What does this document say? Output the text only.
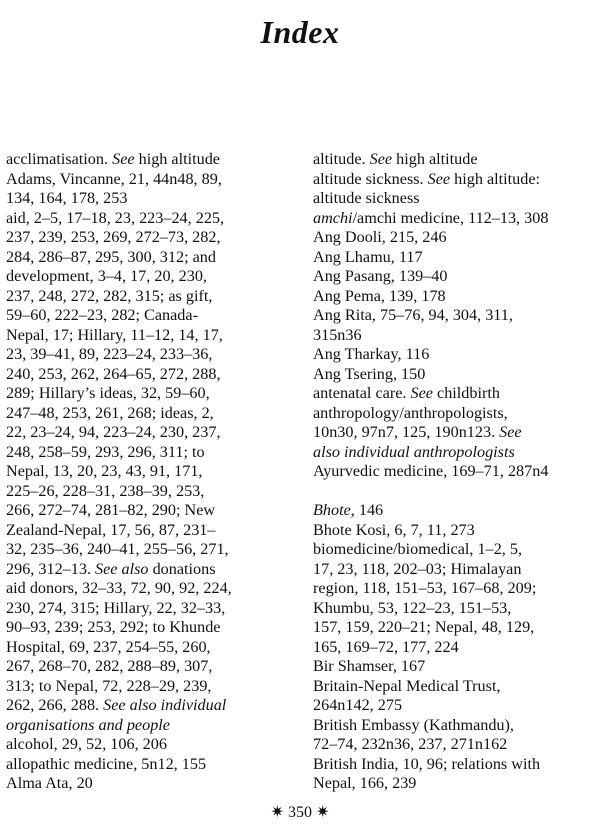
Index
acclimatisation. See high altitude
Adams, Vincanne, 21, 44n48, 89,
134, 164, 178, 253
aid, 2–5, 17–18, 23, 223–24, 225,
237, 239, 253, 269, 272–73, 282,
284, 286–87, 295, 300, 312; and
development, 3–4, 17, 20, 230,
237, 248, 272, 282, 315; as gift,
59–60, 222–23, 282; Canada-
Nepal, 17; Hillary, 11–12, 14, 17,
23, 39–41, 89, 223–24, 233–36,
240, 253, 262, 264–65, 272, 288,
289; Hillary’s ideas, 32, 59–60,
247–48, 253, 261, 268; ideas, 2,
22, 23–24, 94, 223–24, 230, 237,
248, 258–59, 293, 296, 311; to
Nepal, 13, 20, 23, 43, 91, 171,
225–26, 228–31, 238–39, 253,
266, 272–74, 281–82, 290; New
Zealand-Nepal, 17, 56, 87, 231–
32, 235–36, 240–41, 255–56, 271,
296, 312–13. See also donations
aid donors, 32–33, 72, 90, 92, 224,
230, 274, 315; Hillary, 22, 32–33,
90–93, 239; 253, 292; to Khunde
Hospital, 69, 237, 254–55, 260,
267, 268–70, 282, 288–89, 307,
313; to Nepal, 72, 228–29, 239,
262, 266, 288. See also individual
organisations and people
alcohol, 29, 52, 106, 206
allopathic medicine, 5n12, 155
Alma Ata, 20
altitude. See high altitude
altitude sickness. See high altitude:
altitude sickness
amchi/amchi medicine, 112–13, 308
Ang Dooli, 215, 246
Ang Lhamu, 117
Ang Pasang, 139–40
Ang Pema, 139, 178
Ang Rita, 75–76, 94, 304, 311,
315n36
Ang Tharkay, 116
Ang Tsering, 150
antenatal care. See childbirth
anthropology/anthropologists,
10n30, 97n7, 125, 190n123. See
also individual anthropologists
Ayurvedic medicine, 169–71, 287n4
Bhote, 146
Bhote Kosi, 6, 7, 11, 273
biomedicine/biomedical, 1–2, 5,
17, 23, 118, 202–03; Himalayan
region, 118, 151–53, 167–68, 209;
Khumbu, 53, 122–23, 151–53,
157, 159, 220–21; Nepal, 48, 129,
165, 169–72, 177, 224
Bir Shamser, 167
Britain-Nepal Medical Trust,
264n142, 275
British Embassy (Kathmandu),
72–74, 232n36, 237, 271n162
British India, 10, 96; relations with
Nepal, 166, 239
✷ 350 ✷
